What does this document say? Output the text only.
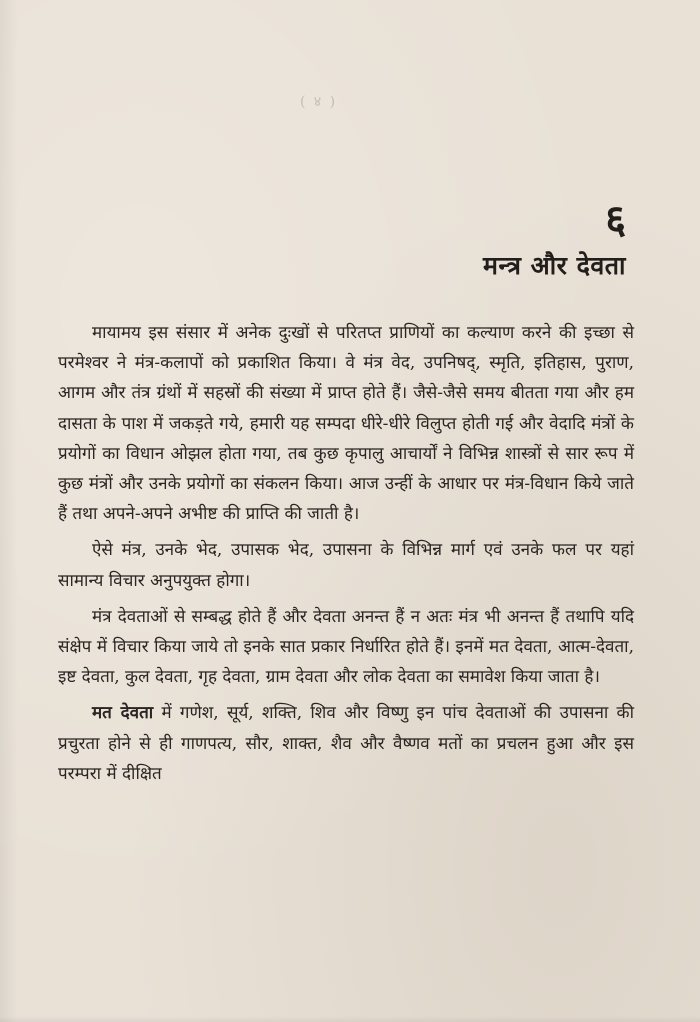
( ४ )
६
मन्त्र और देवता

मायामय इस संसार में अनेक दुःखों से परितप्त प्राणियों का कल्याण करने की इच्छा से परमेश्वर ने मंत्र-कलापों को प्रकाशित किया। वे मंत्र वेद, उपनिषद्, स्मृति, इतिहास, पुराण, आगम और तंत्र ग्रंथों में सहस्रों की संख्या में प्राप्त होते हैं। जैसे-जैसे समय बीतता गया और हम दासता के पाश में जकड़ते गये, हमारी यह सम्पदा धीरे-धीरे विलुप्त होती गई और वेदादि मंत्रों के प्रयोगों का विधान ओझल होता गया, तब कुछ कृपालु आचार्यों ने विभिन्न शास्त्रों से सार रूप में कुछ मंत्रों और उनके प्रयोगों का संकलन किया। आज उन्हीं के आधार पर मंत्र-विधान किये जाते हैं तथा अपने-अपने अभीष्ट की प्राप्ति की जाती है।

ऐसे मंत्र, उनके भेद, उपासक भेद, उपासना के विभिन्न मार्ग एवं उनके फल पर यहां सामान्य विचार अनुपयुक्त होगा।

मंत्र देवताओं से सम्बद्ध होते हैं और देवता अनन्त हैं न अतः मंत्र भी अनन्त हैं तथापि यदि संक्षेप में विचार किया जाये तो इनके सात प्रकार निर्धारित होते हैं। इनमें मत देवता, आत्म-देवता, इष्ट देवता, कुल देवता, गृह देवता, ग्राम देवता और लोक देवता का समावेश किया जाता है।

मत देवता में गणेश, सूर्य, शक्ति, शिव और विष्णु इन पांच देवताओं की उपासना की प्रचुरता होने से ही गाणपत्य, सौर, शाक्त, शैव और वैष्णव मतों का प्रचलन हुआ और इस परम्परा में दीक्षित
